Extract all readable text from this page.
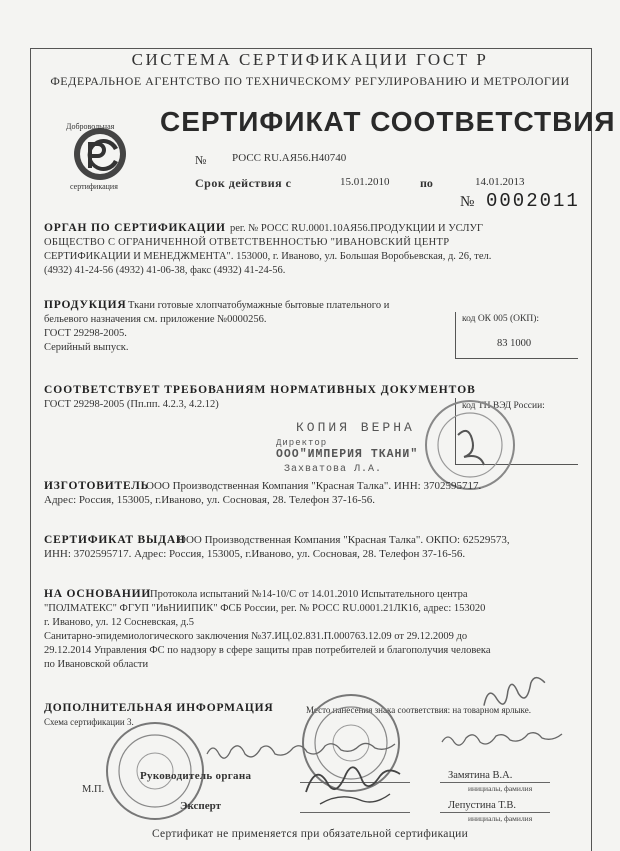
СИСТЕМА СЕРТИФИКАЦИИ ГОСТ Р
ФЕДЕРАЛЬНОЕ АГЕНТСТВО ПО ТЕХНИЧЕСКОМУ РЕГУЛИРОВАНИЮ И МЕТРОЛОГИИ
Добровольная
сертификация
СЕРТИФИКАТ СООТВЕТСТВИЯ
№ РОСС RU.АЯ56.Н40740
Срок действия с	15.01.2010	по	14.01.2013
№ 0002011
ОРГАН ПО СЕРТИФИКАЦИИ рег. № РОСС RU.0001.10АЯ56.ПРОДУКЦИИ И УСЛУГ
ОБЩЕСТВО С ОГРАНИЧЕННОЙ ОТВЕТСТВЕННОСТЬЮ "ИВАНОВСКИЙ ЦЕНТР
СЕРТИФИКАЦИИ И МЕНЕДЖМЕНТА". 153000, г. Иваново, ул. Большая Воробьевская, д. 26, тел.
(4932) 41-24-56 (4932) 41-06-38, факс (4932) 41-24-56.
ПРОДУКЦИЯ Ткани готовые хлопчатобумажные бытовые плательного и
бельевого назначения см. приложение №0000256.
ГОСТ 29298-2005.
Серийный выпуск.
код ОК 005 (ОКП):
83 1000
СООТВЕТСТВУЕТ ТРЕБОВАНИЯМ НОРМАТИВНЫХ ДОКУМЕНТОВ
ГОСТ 29298-2005 (Пп.пп. 4.2.3, 4.2.12)	код ТН ВЭД России:
КОПИЯ ВЕРНА
Директор
ООО"ИМПЕРИЯ ТКАНИ"
Захватова Л.А.
ИЗГОТОВИТЕЛЬ
ООО Производственная Компания "Красная Талка". ИНН: 3702595717.
Адрес: Россия, 153005, г.Иваново, ул. Сосновая, 28. Телефон 37-16-56.
СЕРТИФИКАТ ВЫДАН
ООО Производственная Компания "Красная Талка". ОКПО: 62529573,
ИНН: 3702595717. Адрес: Россия, 153005, г.Иваново, ул. Сосновая, 28. Телефон 37-16-56.
НА ОСНОВАНИИ
Протокола испытаний №14-10/С от 14.01.2010 Испытательного центра
"ПОЛМАТЕКС" ФГУП "ИвНИИПИК" ФСБ России, рег. № РОСС RU.0001.21ЛК16, адрес: 153020
г. Иваново, ул. 12 Сосневская, д.5
Санитарно-эпидемиологического заключения №37.ИЦ.02.831.П.000763.12.09 от 29.12.2009 до
29.12.2014 Управления ФС по надзору в сфере защиты прав потребителей и благополучия человека
по Ивановской области
ДОПОЛНИТЕЛЬНАЯ ИНФОРМАЦИЯ	Место нанесения знака соответствия: на товарном ярлыке.
Схема сертификации 3.
М.П.
Руководитель органа	Замятина В.А.
инициалы, фамилия
Эксперт	Лепустина Т.В.
инициалы, фамилия
Сертификат не применяется при обязательной сертификации
